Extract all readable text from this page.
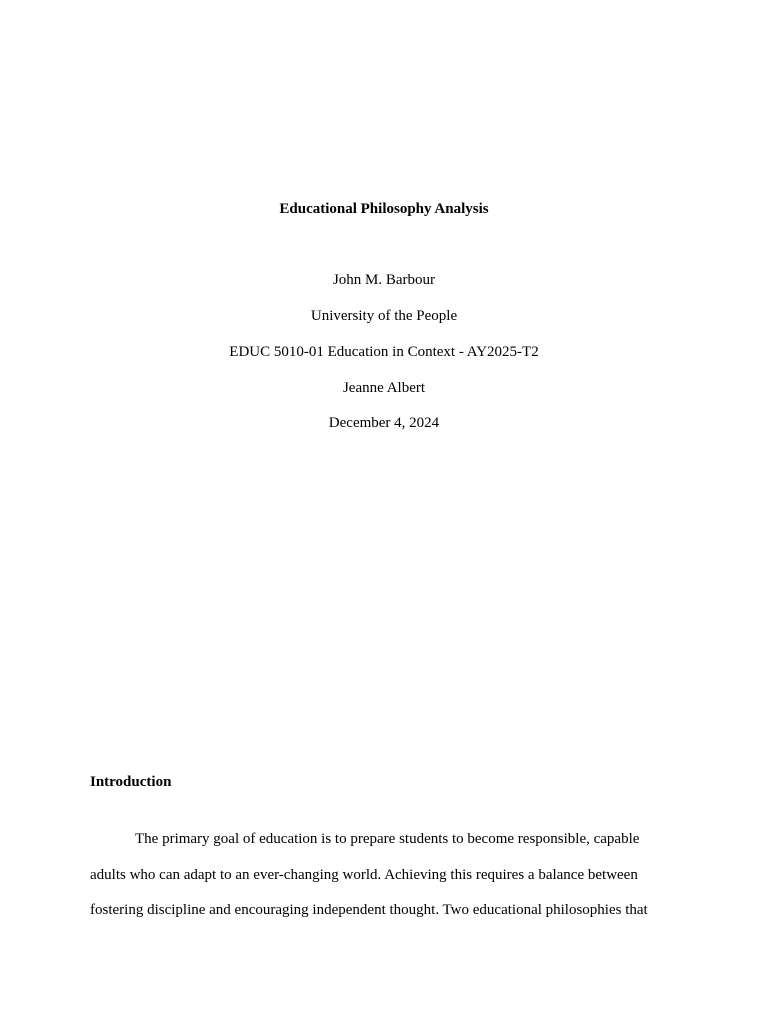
Educational Philosophy Analysis
John M. Barbour
University of the People
EDUC 5010-01 Education in Context - AY2025-T2
Jeanne Albert
December 4, 2024
Introduction
The primary goal of education is to prepare students to become responsible, capable
adults who can adapt to an ever-changing world. Achieving this requires a balance between
fostering discipline and encouraging independent thought. Two educational philosophies that
